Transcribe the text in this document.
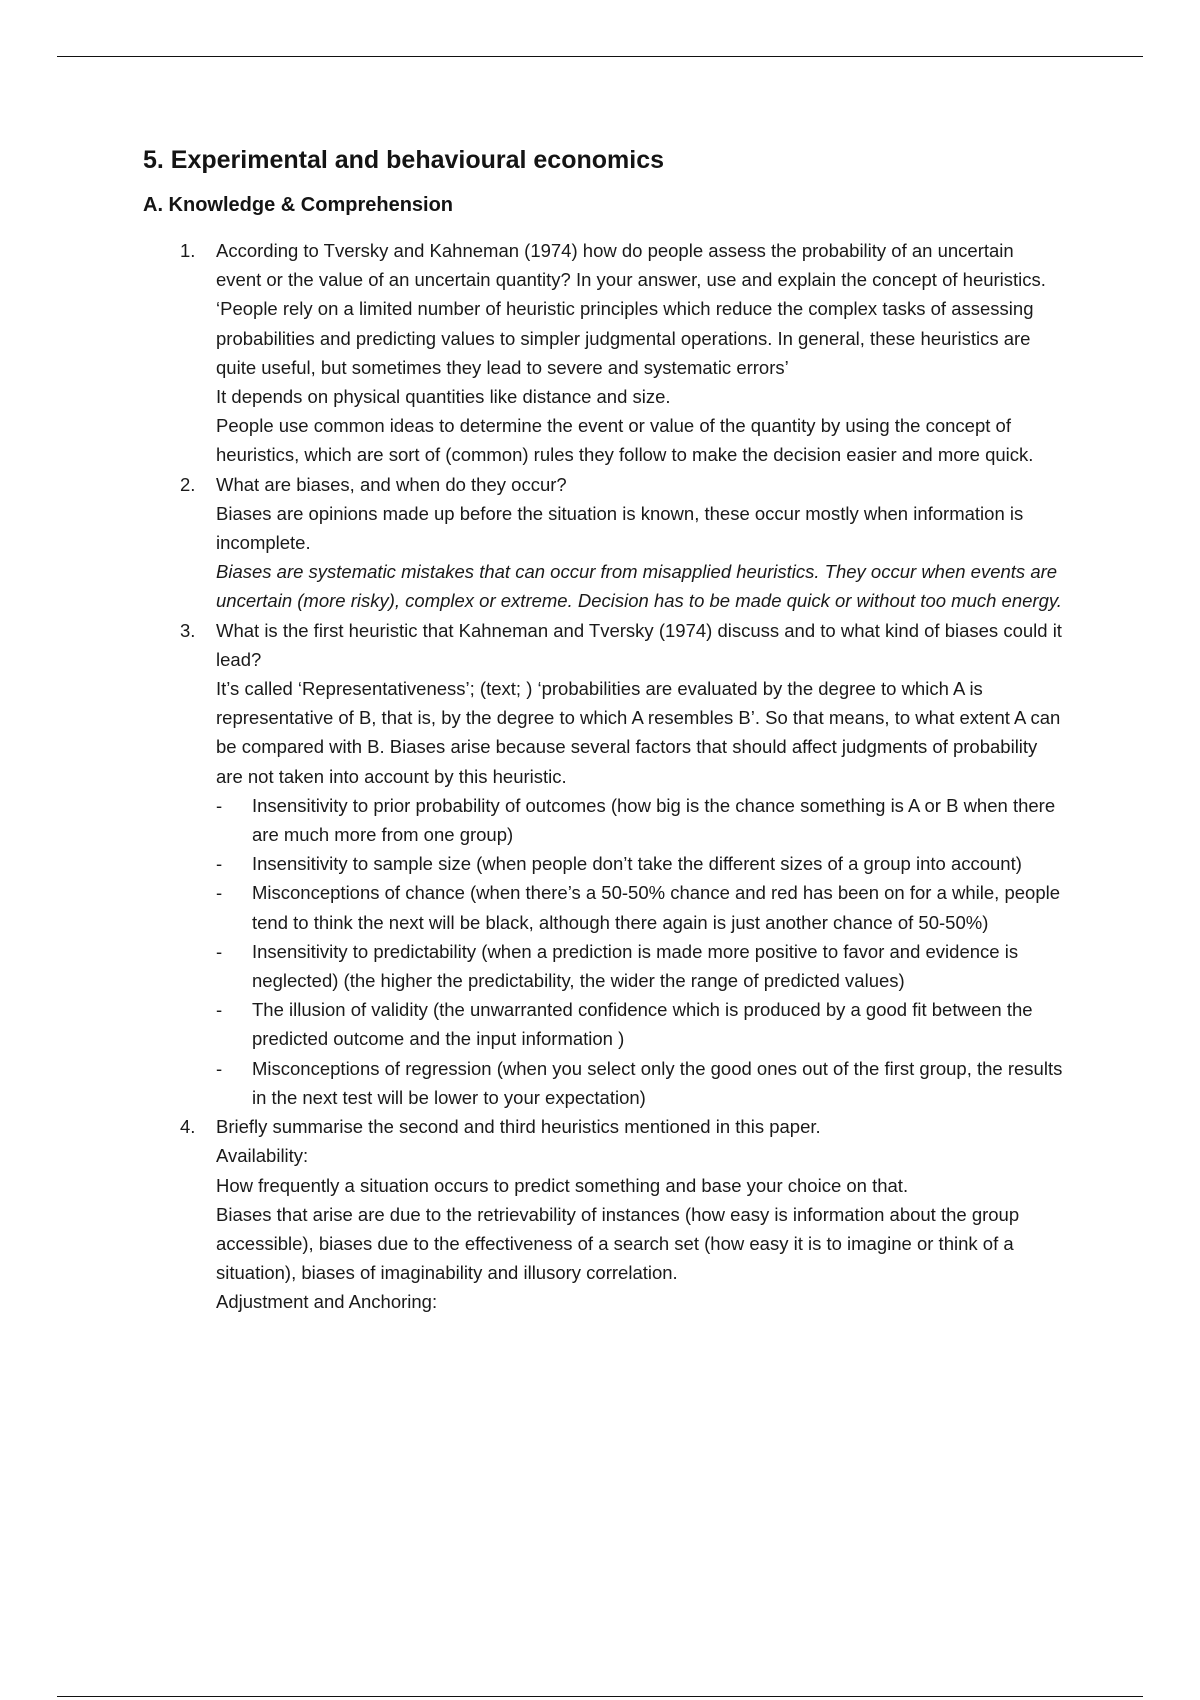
5. Experimental and behavioural economics
A. Knowledge & Comprehension
1.	According to Tversky and Kahneman (1974) how do people assess the probability of an uncertain event or the value of an uncertain quantity? In your answer, use and explain the concept of heuristics.

‘People rely on a limited number of heuristic principles which reduce the complex tasks of assessing probabilities and predicting values to simpler judgmental operations. In general, these heuristics are quite useful, but sometimes they lead to severe and systematic errors’

It depends on physical quantities like distance and size.

People use common ideas to determine the event or value of the quantity by using the concept of heuristics, which are sort of (common) rules they follow to make the decision easier and more quick.

2.	What are biases, and when do they occur?

Biases are opinions made up before the situation is known, these occur mostly when information is incomplete.

Biases are systematic mistakes that can occur from misapplied heuristics. They occur when events are uncertain (more risky), complex or extreme. Decision has to be made quick or without too much energy.

3.	What is the first heuristic that Kahneman and Tversky (1974) discuss and to what kind of biases could it lead?

It’s called ‘Representativeness’; (text; ) ‘probabilities are evaluated by the degree to which A is representative of B, that is, by the degree to which A resembles B’. So that means, to what extent A can be compared with B. Biases arise because several factors that should affect judgments of probability are not taken into account by this heuristic.

- Insensitivity to prior probability of outcomes (how big is the chance something is A or B when there are much more from one group)
- Insensitivity to sample size (when people don’t take the different sizes of a group into account)
- Misconceptions of chance (when there’s a 50-50% chance and red has been on for a while, people tend to think the next will be black, although there again is just another chance of 50-50%)
- Insensitivity to predictability (when a prediction is made more positive to favor and evidence is neglected) (the higher the predictability, the wider the range of predicted values)
- The illusion of validity (the unwarranted confidence which is produced by a good fit between the predicted outcome and the input information )
- Misconceptions of regression (when you select only the good ones out of the first group, the results in the next test will be lower to your expectation)
4.	Briefly summarise the second and third heuristics mentioned in this paper.

Availability:

How frequently a situation occurs to predict something and base your choice on that.

Biases that arise are due to the retrievability of instances (how easy is information about the group accessible), biases due to the effectiveness of a search set (how easy it is to imagine or think of a situation), biases of imaginability and illusory correlation.

Adjustment and Anchoring:
